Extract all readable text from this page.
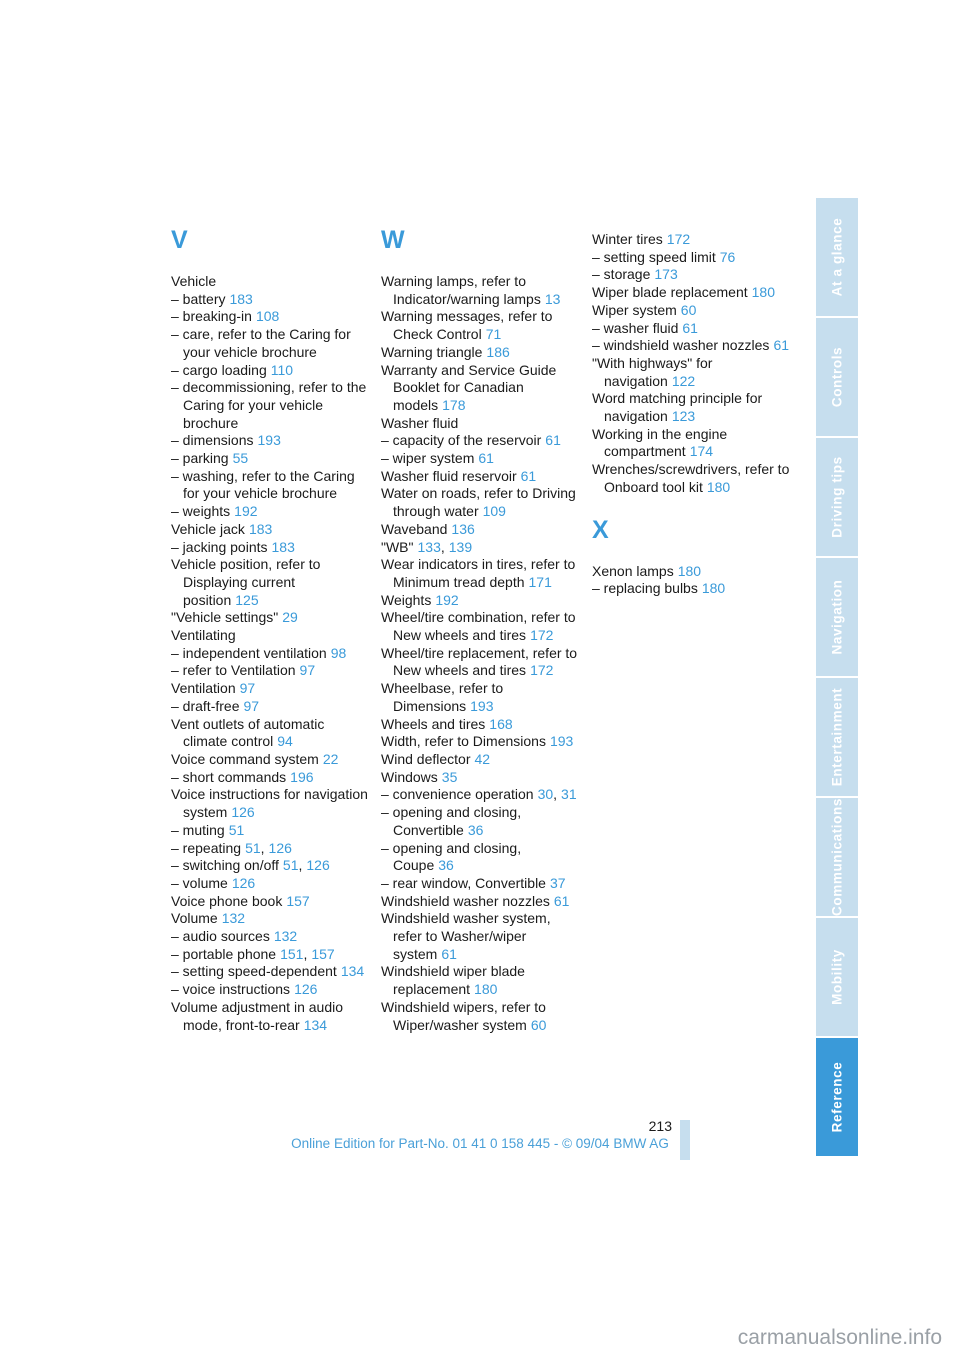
V
Vehicle
– battery 183
– breaking-in 108
– care, refer to the Caring for your vehicle brochure
– cargo loading 110
– decommissioning, refer to the Caring for your vehicle brochure
– dimensions 193
– parking 55
– washing, refer to the Caring for your vehicle brochure
– weights 192
Vehicle jack 183
– jacking points 183
Vehicle position, refer to Displaying current position 125
"Vehicle settings" 29
Ventilating
– independent ventilation 98
– refer to Ventilation 97
Ventilation 97
– draft-free 97
Vent outlets of automatic climate control 94
Voice command system 22
– short commands 196
Voice instructions for navigation system 126
– muting 51
– repeating 51, 126
– switching on/off 51, 126
– volume 126
Voice phone book 157
Volume 132
– audio sources 132
– portable phone 151, 157
– setting speed-dependent 134
– voice instructions 126
Volume adjustment in audio mode, front-to-rear 134
W
Warning lamps, refer to Indicator/warning lamps 13
Warning messages, refer to Check Control 71
Warning triangle 186
Warranty and Service Guide Booklet for Canadian models 178
Washer fluid
– capacity of the reservoir 61
– wiper system 61
Washer fluid reservoir 61
Water on roads, refer to Driving through water 109
Waveband 136
"WB" 133, 139
Wear indicators in tires, refer to Minimum tread depth 171
Weights 192
Wheel/tire combination, refer to New wheels and tires 172
Wheel/tire replacement, refer to New wheels and tires 172
Wheelbase, refer to Dimensions 193
Wheels and tires 168
Width, refer to Dimensions 193
Wind deflector 42
Windows 35
– convenience operation 30, 31
– opening and closing, Convertible 36
– opening and closing, Coupe 36
– rear window, Convertible 37
Windshield washer nozzles 61
Windshield washer system, refer to Washer/wiper system 61
Windshield wiper blade replacement 180
Windshield wipers, refer to Wiper/washer system 60
Winter tires 172
– setting speed limit 76
– storage 173
Wiper blade replacement 180
Wiper system 60
– washer fluid 61
– windshield washer nozzles 61
"With highways" for navigation 122
Word matching principle for navigation 123
Working in the engine compartment 174
Wrenches/screwdrivers, refer to Onboard tool kit 180
X
Xenon lamps 180
– replacing bulbs 180
At a glance
Controls
Driving tips
Navigation
Entertainment
Communications
Mobility
Reference
213
Online Edition for Part-No. 01 41 0 158 445 - © 09/04 BMW AG
carmanualsonline.info
